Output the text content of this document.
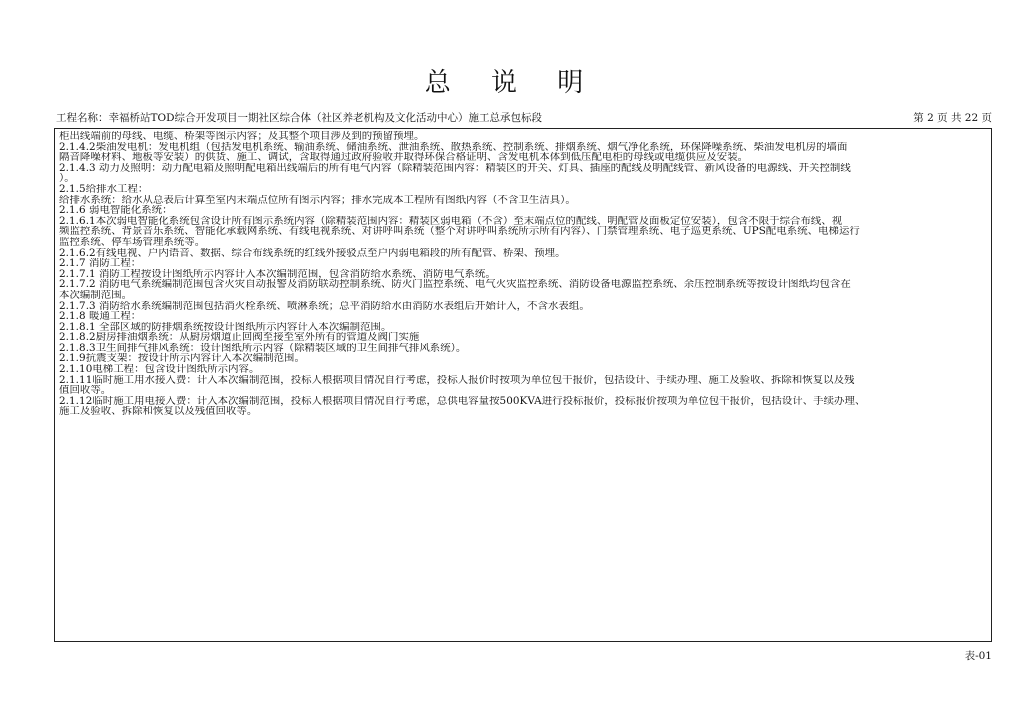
总 说 明
工程名称：幸福桥站TOD综合开发项目一期社区综合体（社区养老机构及文化活动中心）施工总承包标段	第 2 页 共 22 页
柜出线端前的母线、电缆、桥架等图示内容；及其整个项目涉及到的预留预埋。
2.1.4.2柴油发电机：发电机组（包括发电机系统、输油系统、储油系统、泄油系统、散热系统、控制系统、排烟系统、烟气净化系统，环保降噪系统、柴油发电机房的墙面
隔音降噪材料、地板等安装）的供货、施工、调试，含取得通过政府验收并取得环保合格证明、含发电机本体到低压配电柜的母线或电缆供应及安装。
2.1.4.3 动力及照明：动力配电箱及照明配电箱出线端后的所有电气内容（除精装范围内容：精装区的开关、灯具、插座的配线及明配线管、新风设备的电源线、开关控制线
）。
2.1.5给排水工程：
给排水系统：给水从总表后计算至室内末端点位所有图示内容；排水完成本工程所有图纸内容（不含卫生洁具）。
2.1.6 弱电智能化系统：
2.1.6.1本次弱电智能化系统包含设计所有图示系统内容（除精装范围内容：精装区弱电箱（不含）至末端点位的配线、明配管及面板定位安装），包含不限于综合布线、视
频监控系统、背景音乐系统、智能化承载网系统、有线电视系统、对讲呼叫系统（整个对讲呼叫系统所示所有内容）、门禁管理系统、电子巡更系统、UPS配电系统、电梯运行
监控系统、停车场管理系统等。
2.1.6.2有线电视、户内语音、数据、综合布线系统的红线外接驳点至户内弱电箱段的所有配管、桥架、预埋。
2.1.7 消防工程：
2.1.7.1 消防工程按设计图纸所示内容计入本次编制范围，包含消防给水系统、消防电气系统。
2.1.7.2 消防电气系统编制范围包含火灾自动报警及消防联动控制系统、防火门监控系统、电气火灾监控系统、消防设备电源监控系统、余压控制系统等按设计图纸均包含在
本次编制范围。
2.1.7.3 消防给水系统编制范围包括消火栓系统、喷淋系统；总平消防给水由消防水表组后开始计入，不含水表组。
2.1.8 暖通工程：
2.1.8.1 全部区域的防排烟系统按设计图纸所示内容计入本次编制范围。
2.1.8.2厨房排油烟系统：从厨房烟道止回阀至接至室外所有的管道及阀门实施
2.1.8.3卫生间排气排风系统：设计图纸所示内容（除精装区域的卫生间排气排风系统）。
2.1.9抗震支架：按设计所示内容计入本次编制范围。
2.1.10电梯工程：包含设计图纸所示内容。
2.1.11临时施工用水接入费：计入本次编制范围，投标人根据项目情况自行考虑，投标人报价时按项为单位包干报价，包括设计、手续办理、施工及验收、拆除和恢复以及残
值回收等。
2.1.12临时施工用电接入费：计入本次编制范围，投标人根据项目情况自行考虑，总供电容量按500KVA进行投标报价，投标报价按项为单位包干报价，包括设计、手续办理、
施工及验收、拆除和恢复以及残值回收等。
表-01
